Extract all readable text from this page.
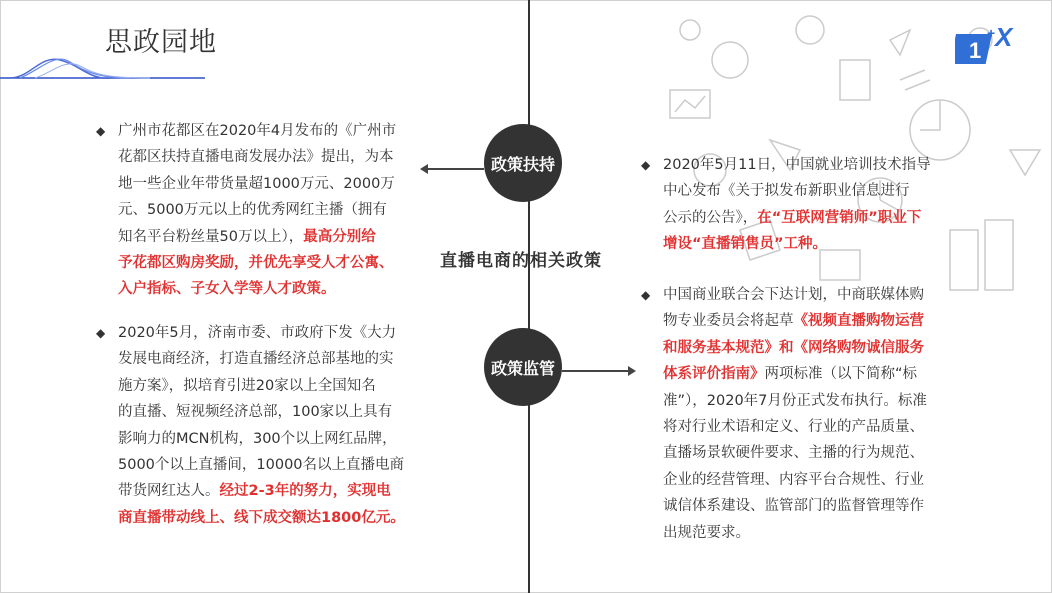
思政园地	1 X
+
政策扶持
政策监管
直播电商的相关政策
◆ 广州市花都区在2020年4月发布的《广州市
花都区扶持直播电商发展办法》提出，为本
地一些企业年带货量超1000万元、2000万
元、5000万元以上的优秀网红主播（拥有
知名平台粉丝量50万以上），最高分别给
予花都区购房奖励，并优先享受人才公寓、
入户指标、子女入学等人才政策。
◆ 2020年5月，济南市委、市政府下发《大力
发展电商经济，打造直播经济总部基地的实
施方案》，拟培育引进20家以上全国知名
的直播、短视频经济总部，100家以上具有
影响力的MCN机构，300个以上网红品牌，
5000个以上直播间，10000名以上直播电商
带货网红达人。经过2-3年的努力，实现电
商直播带动线上、线下成交额达1800亿元。
◆ 2020年5月11日，中国就业培训技术指导
中心发布《关于拟发布新职业信息进行
公示的公告》，在“互联网营销师”职业下
增设“直播销售员”工种。
◆ 中国商业联合会下达计划，中商联媒体购
物专业委员会将起草《视频直播购物运营
和服务基本规范》和《网络购物诚信服务
体系评价指南》两项标准（以下简称“标
准”），2020年7月份正式发布执行。标准
将对行业术语和定义、行业的产品质量、
直播场景软硬件要求、主播的行为规范、
企业的经营管理、内容平台合规性、行业
诚信体系建设、监管部门的监督管理等作
出规范要求。
